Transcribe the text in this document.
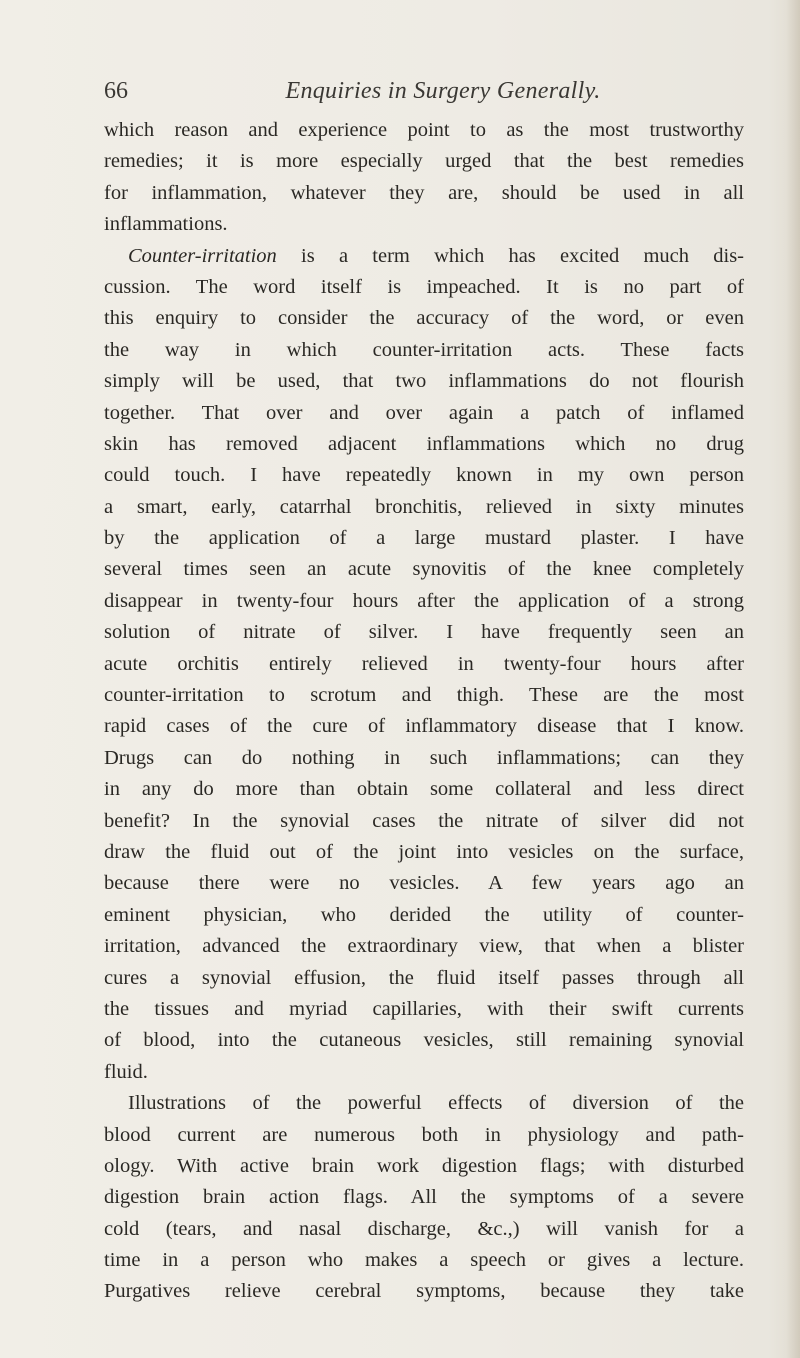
66	Enquiries in Surgery Generally.
which reason and experience point to as the most trustworthy
remedies; it is more especially urged that the best remedies
for inflammation, whatever they are, should be used in all
inflammations.
Counter-irritation is a term which has excited much dis-
cussion. The word itself is impeached. It is no part of
this enquiry to consider the accuracy of the word, or even
the way in which counter-irritation acts. These facts
simply will be used, that two inflammations do not flourish
together. That over and over again a patch of inflamed
skin has removed adjacent inflammations which no drug
could touch. I have repeatedly known in my own person
a smart, early, catarrhal bronchitis, relieved in sixty minutes
by the application of a large mustard plaster. I have
several times seen an acute synovitis of the knee completely
disappear in twenty-four hours after the application of a strong
solution of nitrate of silver. I have frequently seen an
acute orchitis entirely relieved in twenty-four hours after
counter-irritation to scrotum and thigh. These are the most
rapid cases of the cure of inflammatory disease that I know.
Drugs can do nothing in such inflammations; can they
in any do more than obtain some collateral and less direct
benefit? In the synovial cases the nitrate of silver did not
draw the fluid out of the joint into vesicles on the surface,
because there were no vesicles. A few years ago an
eminent physician, who derided the utility of counter-
irritation, advanced the extraordinary view, that when a blister
cures a synovial effusion, the fluid itself passes through all
the tissues and myriad capillaries, with their swift currents
of blood, into the cutaneous vesicles, still remaining synovial
fluid.
Illustrations of the powerful effects of diversion of the
blood current are numerous both in physiology and path-
ology. With active brain work digestion flags; with disturbed
digestion brain action flags. All the symptoms of a severe
cold (tears, and nasal discharge, &c.,) will vanish for a
time in a person who makes a speech or gives a lecture.
Purgatives relieve cerebral symptoms, because they take
